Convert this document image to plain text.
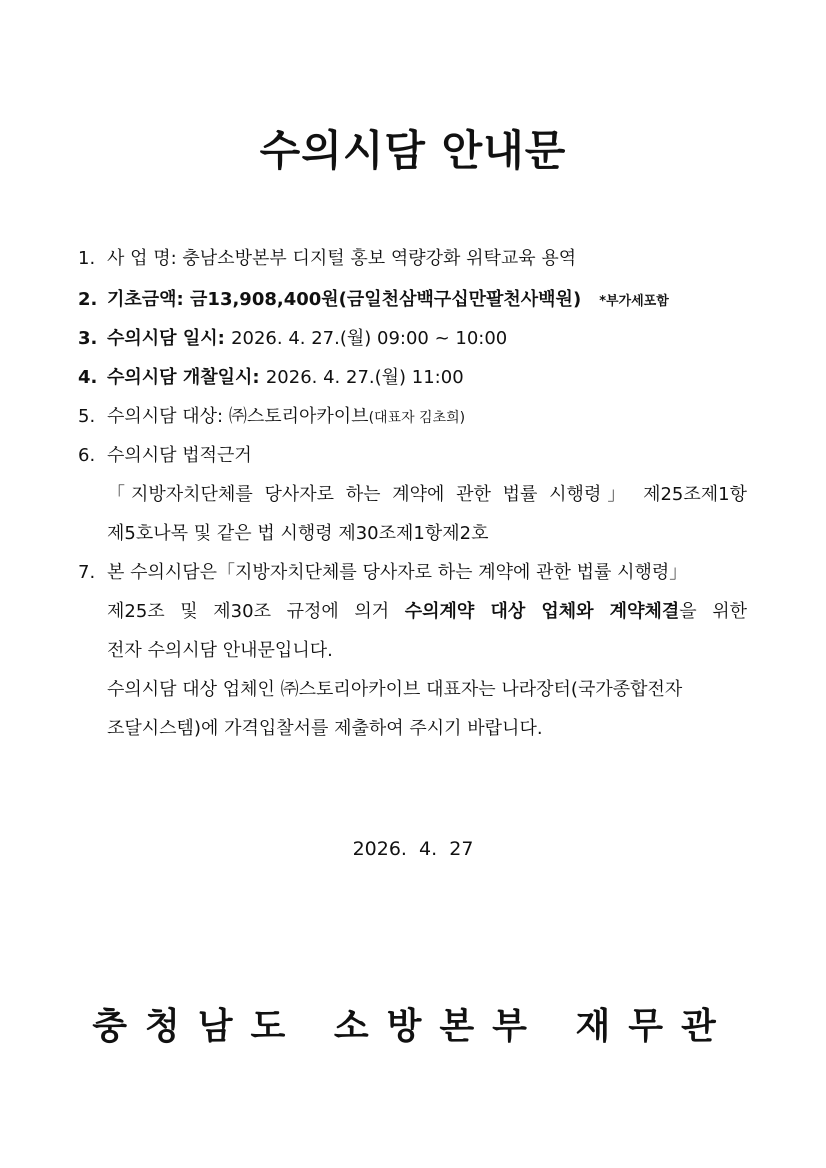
수의시담 안내문
1. 사 업 명: 충남소방본부 디지털 홍보 역량강화 위탁교육 용역
2. 기초금액: 금13,908,400원(금일천삼백구십만팔천사백원) *부가세포함
3. 수의시담 일시: 2026. 4. 27.(월) 09:00 ~ 10:00
4. 수의시담 개찰일시: 2026. 4. 27.(월) 11:00
5. 수의시담 대상: ㈜스토리아카이브(대표자 김초희)
6. 수의시담 법적근거
「지방자치단체를 당사자로 하는 계약에 관한 법률 시행령」 제25조제1항
제5호나목 및 같은 법 시행령 제30조제1항제2호
7. 본 수의시담은「지방자치단체를 당사자로 하는 계약에 관한 법률 시행령」
제25조 및 제30조 규정에 의거 수의계약 대상 업체와 계약체결을 위한
전자 수의시담 안내문입니다.
수의시담 대상 업체인 ㈜스토리아카이브 대표자는 나라장터(국가종합전자
조달시스템)에 가격입찰서를 제출하여 주시기 바랍니다.
2026.  4.  27
충청남도 소방본부 재무관
